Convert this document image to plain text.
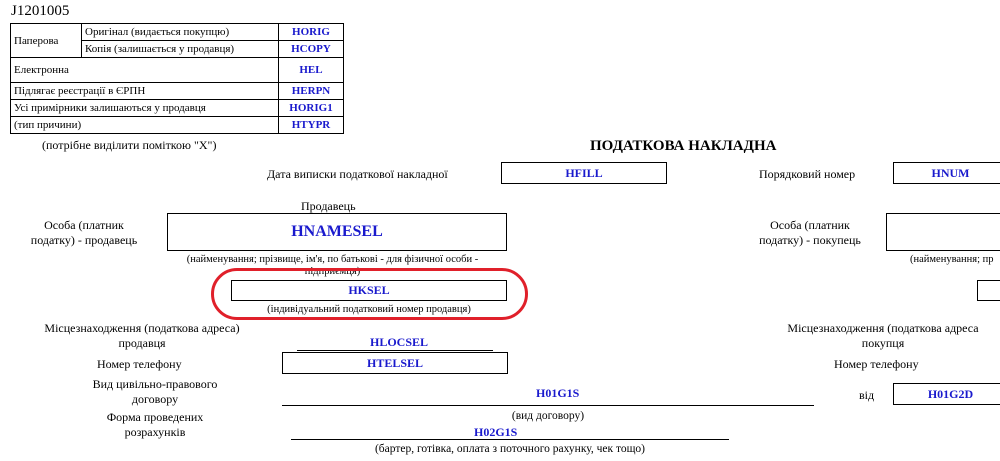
J1201005
Паперова	Оригінал (видається покупцю)	HORIG
	Копія (залишається у продавця)	HCOPY
Електронна		HEL
Підлягає реєстрації в ЄРПН		HERPN
Усі примірники залишаються у продавця		HORIG1
(тип причини)		HTYPR
(потрібне виділити поміткою "Х")	ПОДАТКОВА НАКЛАДНА
Дата виписки податкової накладної	HFILL	Порядковий номер	HNUM
Продавець
Особа (платник
податку) - продавець	HNAMESEL
(найменування; прізвище, ім'я, по батькові - для фізичної особи -
підприємця)
HKSEL
(індивідуальний податковий номер продавця)
Місцезнаходження (податкова адреса)
продавця	HLOCSEL
Номер телефону	HTELSEL
Особа (платник
податку) - покупець
(найменування; пр
Місцезнаходження (податкова адреса
покупця
Номер телефону
Вид цивільно-правового
договору	H01G1S
(вид договору)
від	H01G2D
Форма проведених
розрахунків	H02G1S
(бартер, готівка, оплата з поточного рахунку, чек тощо)
